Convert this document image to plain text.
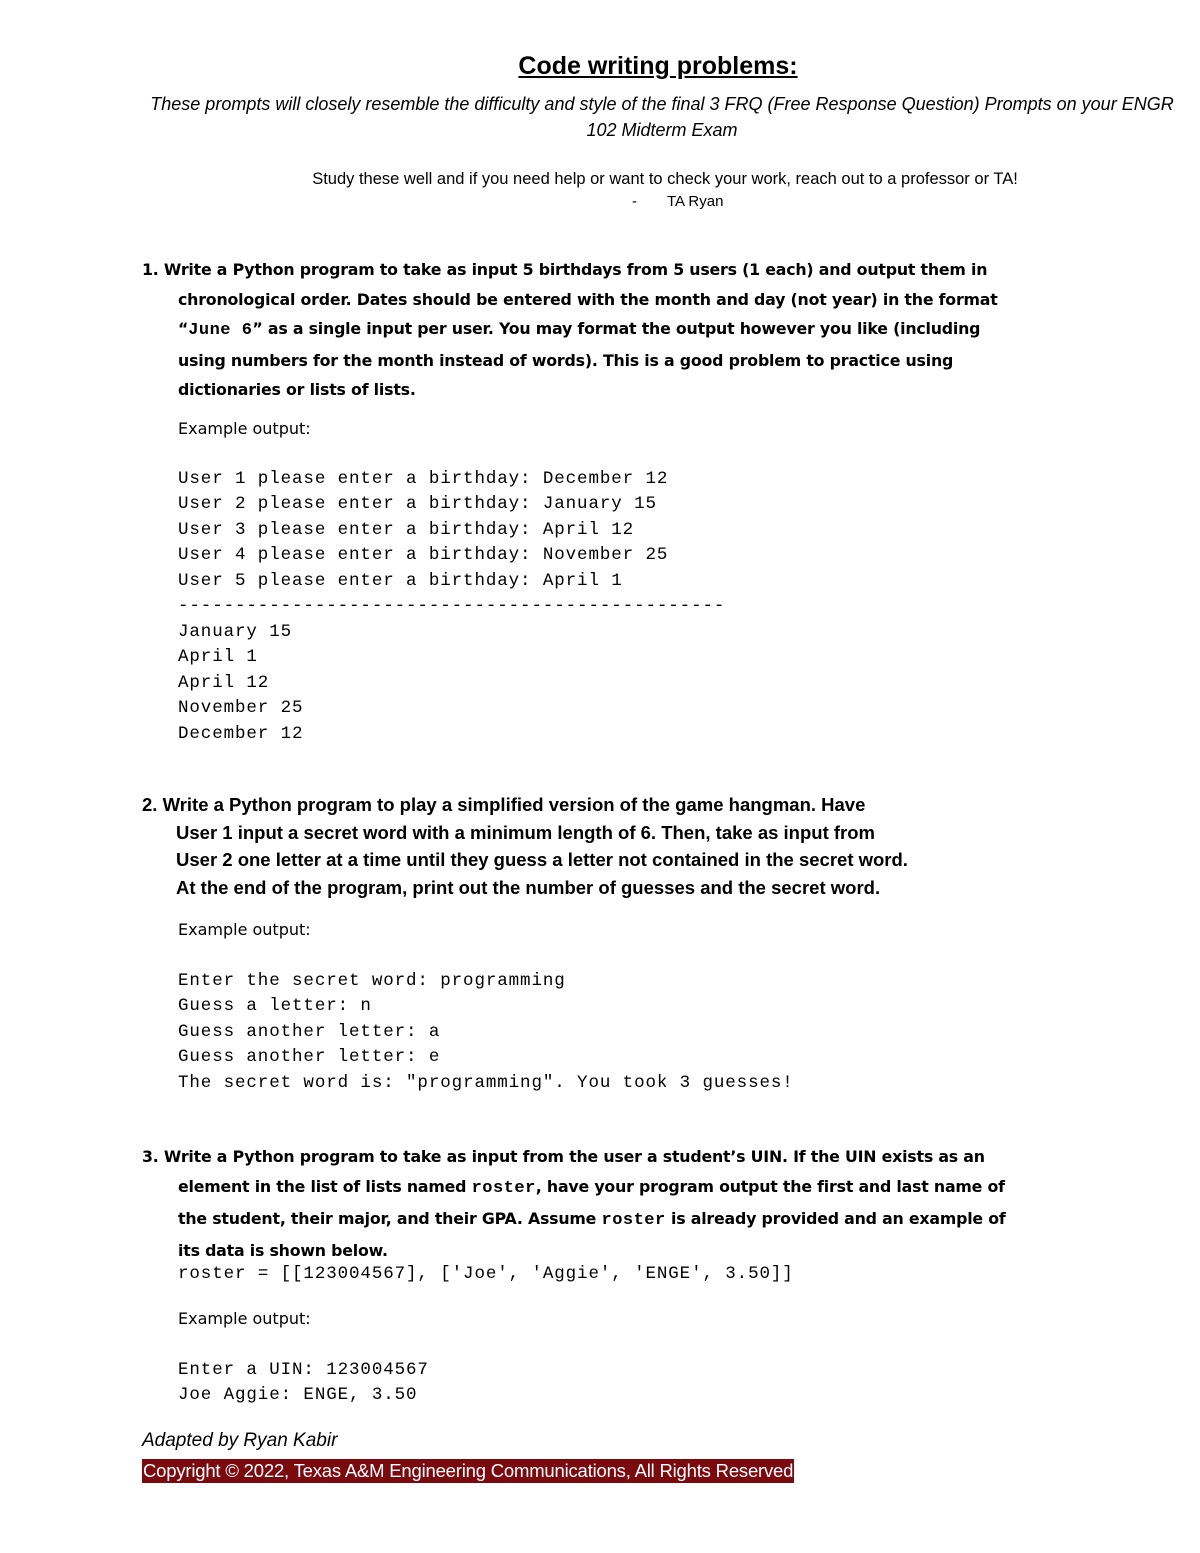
Code writing problems:
These prompts will closely resemble the difficulty and style of the final 3 FRQ (Free Response Question) Prompts on your ENGR 102 Midterm Exam
Study these well and if you need help or want to check your work, reach out to a professor or TA!
- TA Ryan
1. Write a Python program to take as input 5 birthdays from 5 users (1 each) and output them in
chronological order. Dates should be entered with the month and day (not year) in the format
“June 6” as a single input per user. You may format the output however you like (including
using numbers for the month instead of words). This is a good problem to practice using
dictionaries or lists of lists.
Example output:

User 1 please enter a birthday: December 12
User 2 please enter a birthday: January 15
User 3 please enter a birthday: April 12
User 4 please enter a birthday: November 25
User 5 please enter a birthday: April 1
------------------------------------------------
January 15
April 1
April 12
November 25
December 12

2. Write a Python program to play a simplified version of the game hangman. Have
User 1 input a secret word with a minimum length of 6. Then, take as input from
User 2 one letter at a time until they guess a letter not contained in the secret word.
At the end of the program, print out the number of guesses and the secret word.
Example output:

Enter the secret word: programming
Guess a letter: n
Guess another letter: a
Guess another letter: e
The secret word is: "programming". You took 3 guesses!

3. Write a Python program to take as input from the user a student’s UIN. If the UIN exists as an
element in the list of lists named roster, have your program output the first and last name of
the student, their major, and their GPA. Assume roster is already provided and an example of
its data is shown below.
roster = [[123004567], ['Joe', 'Aggie', 'ENGE', 3.50]]
Example output:

Enter a UIN: 123004567
Joe Aggie: ENGE, 3.50

Adapted by Ryan Kabir
Copyright © 2022, Texas A&M Engineering Communications, All Rights Reserved
